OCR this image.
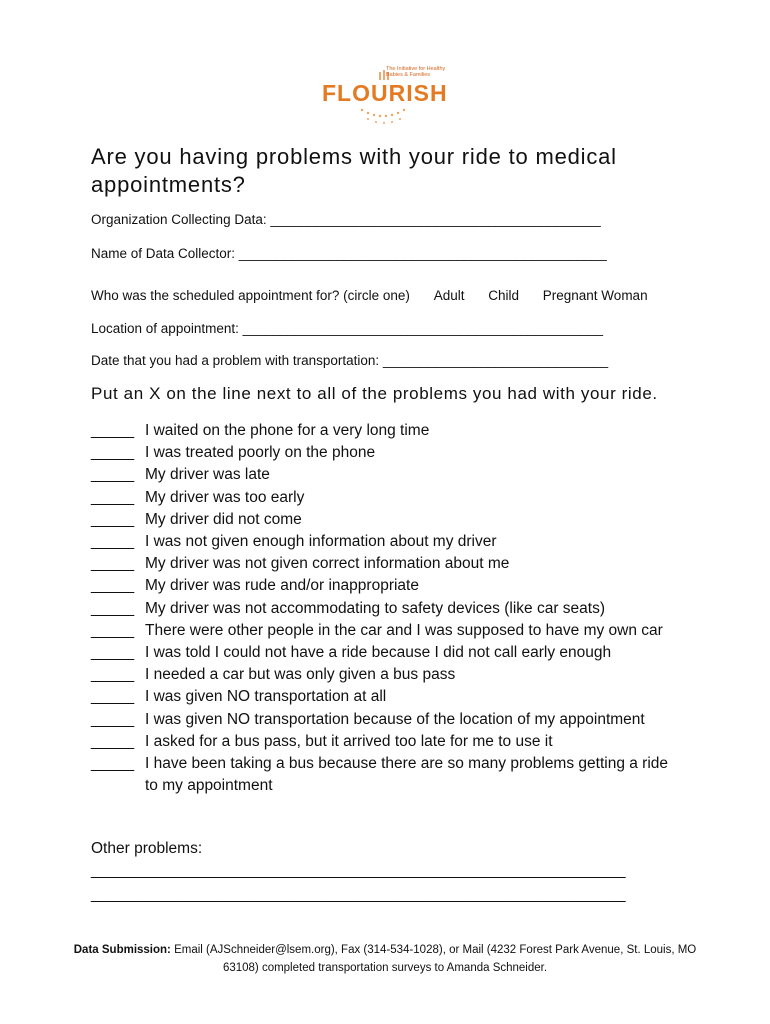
The Initiative for Healthy Babies & Families
FLOURISH
Are you having problems with your ride to medical appointments?
Organization Collecting Data: ____________________________________________
Name of Data Collector: _________________________________________________
Who was the scheduled appointment for? (circle one) Adult Child Pregnant Woman
Location of appointment: ________________________________________________
Date that you had a problem with transportation: ______________________________
Put an X on the line next to all of the problems you had with your ride.
_____ I waited on the phone for a very long time
_____ I was treated poorly on the phone
_____ My driver was late
_____ My driver was too early
_____ My driver did not come
_____ I was not given enough information about my driver
_____ My driver was not given correct information about me
_____ My driver was rude and/or inappropriate
_____ My driver was not accommodating to safety devices (like car seats)
_____ There were other people in the car and I was supposed to have my own car
_____ I was told I could not have a ride because I did not call early enough
_____ I needed a car but was only given a bus pass
_____ I was given NO transportation at all
_____ I was given NO transportation because of the location of my appointment
_____ I asked for a bus pass, but it arrived too late for me to use it
_____ I have been taking a bus because there are so many problems getting a ride to my appointment
Other problems:
______________________________________________________________
______________________________________________________________
Data Submission: Email (AJSchneider@lsem.org), Fax (314-534-1028), or Mail (4232 Forest Park Avenue, St. Louis, MO 63108) completed transportation surveys to Amanda Schneider.
